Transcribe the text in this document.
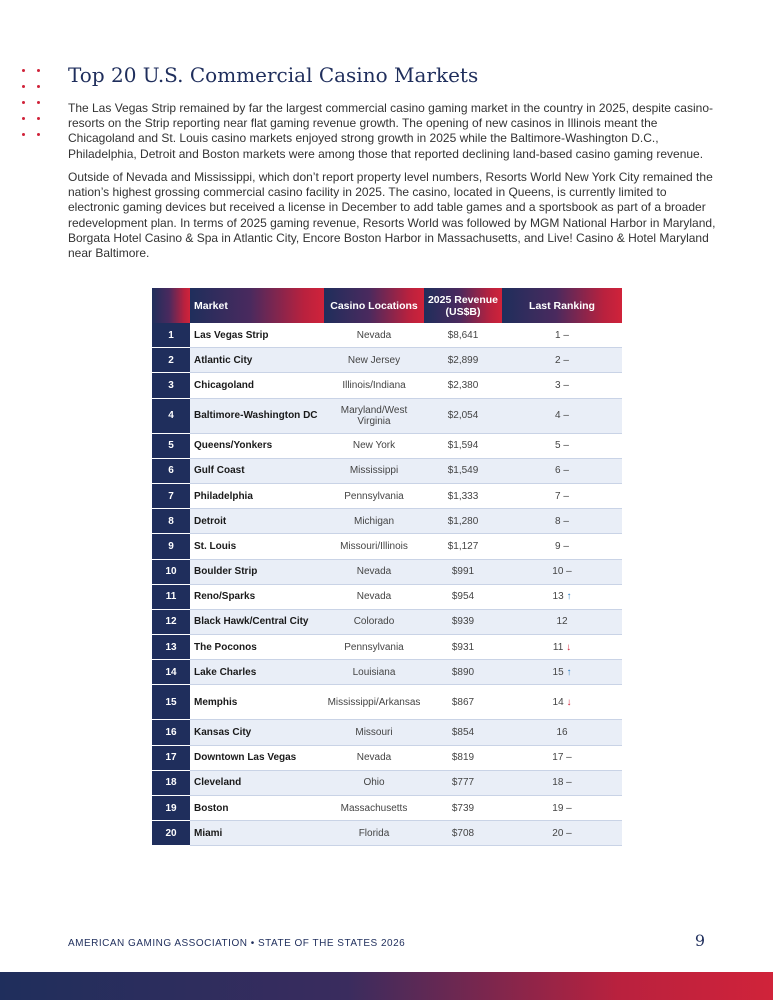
Top 20 U.S. Commercial Casino Markets

The Las Vegas Strip remained by far the largest commercial casino gaming market in the country in 2025, despite casino-resorts on the Strip reporting near flat gaming revenue growth. The opening of new casinos in Illinois meant the Chicagoland and St. Louis casino markets enjoyed strong growth in 2025 while the Baltimore-Washington D.C., Philadelphia, Detroit and Boston markets were among those that reported declining land-based casino gaming revenue.

Outside of Nevada and Mississippi, which don’t report property level numbers, Resorts World New York City remained the nation’s highest grossing commercial casino facility in 2025. The casino, located in Queens, is currently limited to electronic gaming devices but received a license in December to add table games and a sportsbook as part of a broader redevelopment plan. In terms of 2025 gaming revenue, Resorts World was followed by MGM National Harbor in Maryland, Borgata Hotel Casino & Spa in Atlantic City, Encore Boston Harbor in Massachusetts, and Live! Casino & Hotel Maryland near Baltimore.

	Market	Casino Locations	2025 Revenue (US$B)	Last Ranking
1	Las Vegas Strip	Nevada	$8,641	1 –
2	Atlantic City	New Jersey	$2,899	2 –
3	Chicagoland	Illinois/Indiana	$2,380	3 –
4	Baltimore-Washington DC	Maryland/West Virginia	$2,054	4 –
5	Queens/Yonkers	New York	$1,594	5 –
6	Gulf Coast	Mississippi	$1,549	6 –
7	Philadelphia	Pennsylvania	$1,333	7 –
8	Detroit	Michigan	$1,280	8 –
9	St. Louis	Missouri/Illinois	$1,127	9 –
10	Boulder Strip	Nevada	$991	10 –
11	Reno/Sparks	Nevada	$954	13 ↑
12	Black Hawk/Central City	Colorado	$939	12
13	The Poconos	Pennsylvania	$931	11 ↓
14	Lake Charles	Louisiana	$890	15 ↑
15	Memphis	Mississippi/Arkansas	$867	14 ↓
16	Kansas City	Missouri	$854	16
17	Downtown Las Vegas	Nevada	$819	17 –
18	Cleveland	Ohio	$777	18 –
19	Boston	Massachusetts	$739	19 –
20	Miami	Florida	$708	20 –
AMERICAN GAMING ASSOCIATION • STATE OF THE STATES 2026	9
